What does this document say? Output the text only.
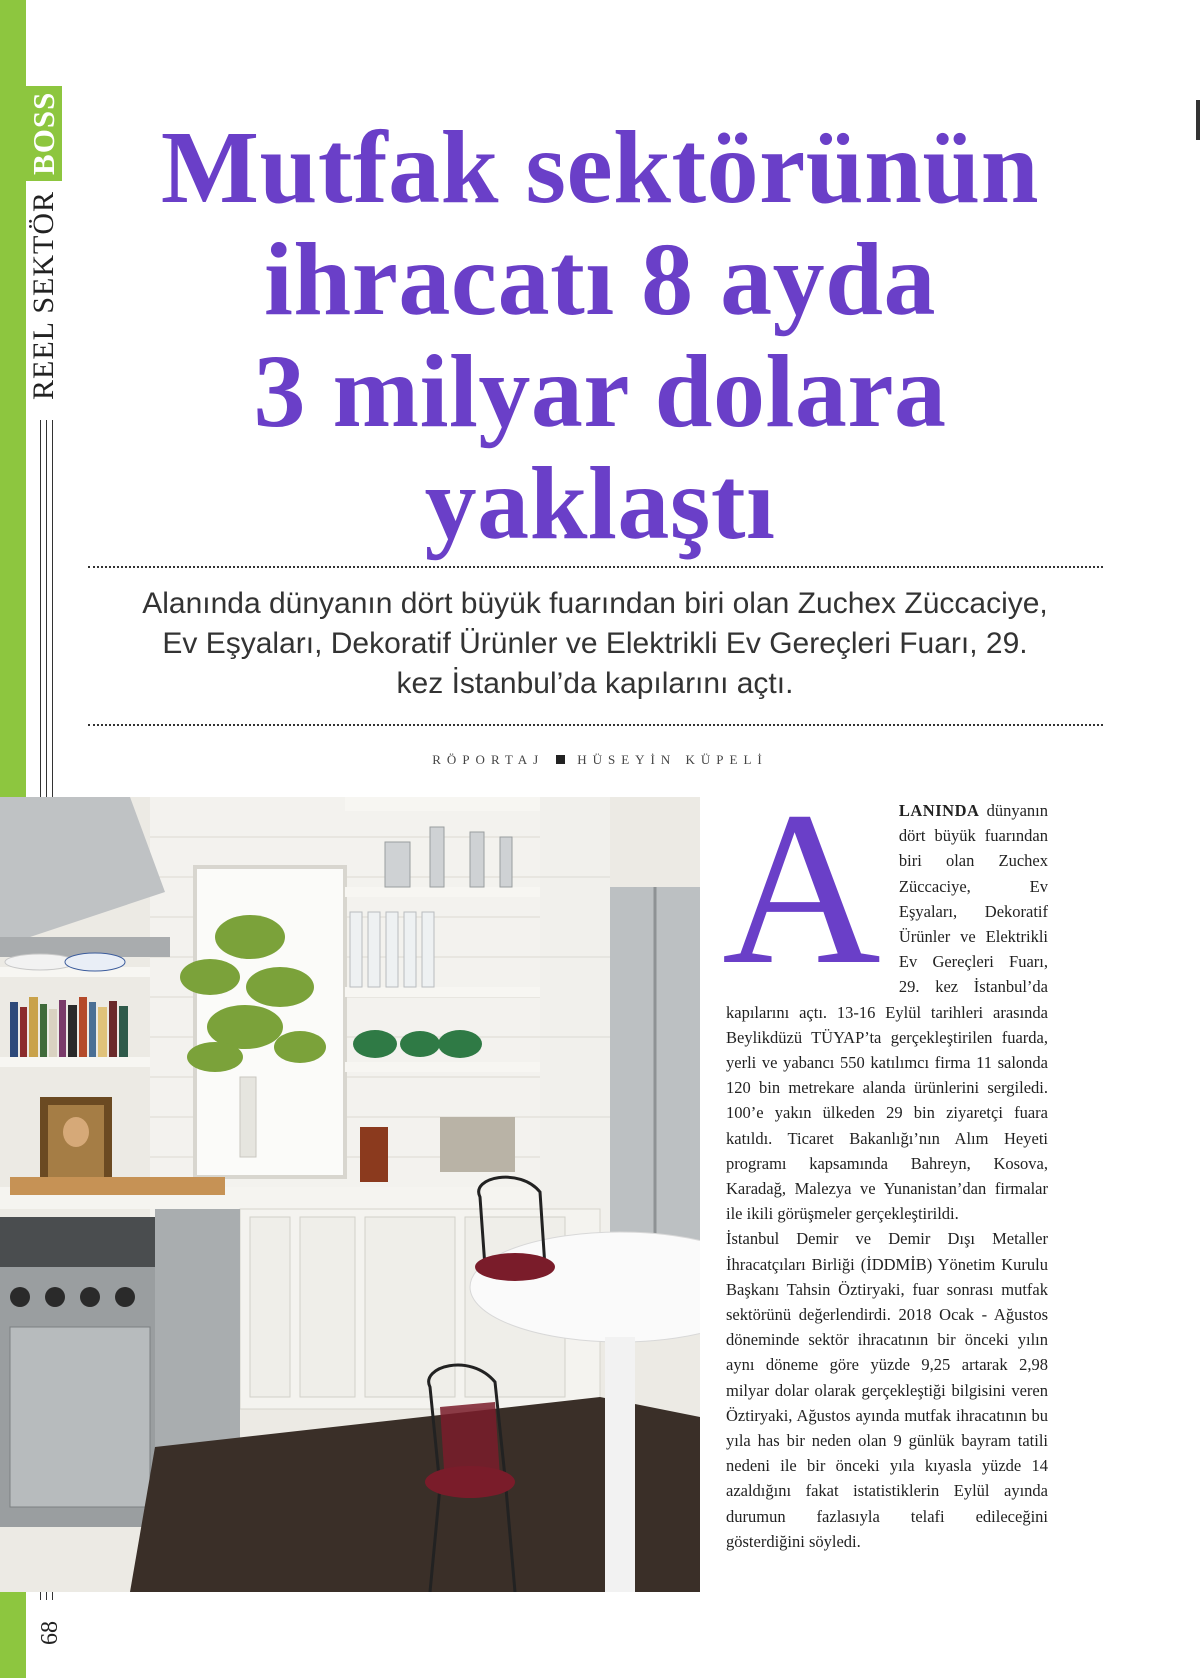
REEL SEKTÖR
BOSS
68
Mutfak sektörünün
ihracatı 8 ayda
3 milyar dolara
yaklaştı
Alanında dünyanın dört büyük fuarından biri olan Zuchex Züccaciye,
Ev Eşyaları, Dekoratif Ürünler ve Elektrikli Ev Gereçleri Fuarı, 29.
kez İstanbul’da kapılarını açtı.
RÖPORTAJ	HÜSEYİN KÜPELİ
A	LANINDA dünyanın dört büyük fuarından biri olan Zuchex Züccaciye, Ev Eşyaları, Dekoratif Ürünler ve Elektrikli Ev Gereçleri Fuarı, 29. kez İstanbul’da kapılarını açtı. 13-16 Eylül tarihleri arasında Beylikdüzü TÜYAP’ta gerçekleştirilen fuarda, yerli ve yabancı 550 katılımcı firma 11 salonda 120 bin metrekare alanda ürünlerini sergiledi. 100’e yakın ülkeden 29 bin ziyaretçi fuara katıldı. Ticaret Bakanlığı’nın Alım Heyeti programı kapsamında Bahreyn, Kosova, Karadağ, Malezya ve Yunanistan’dan firmalar ile ikili görüşmeler gerçekleştirildi.

İstanbul Demir ve Demir Dışı Metaller İhracatçıları Birliği (İDDMİB) Yönetim Kurulu Başkanı Tahsin Öztiryaki, fuar sonrası mutfak sektörünü değerlendirdi. 2018 Ocak - Ağustos döneminde sektör ihracatının bir önceki yılın aynı döneme göre yüzde 9,25 artarak 2,98 milyar dolar olarak gerçekleştiği bilgisini veren Öztiryaki, Ağustos ayında mutfak ihracatının bu yıla has bir neden olan 9 günlük bayram tatili nedeni ile bir önceki yıla kıyasla yüzde 14 azaldığını fakat istatistiklerin Eylül ayında durumun fazlasıyla telafi edileceğini gösterdiğini söyledi.
